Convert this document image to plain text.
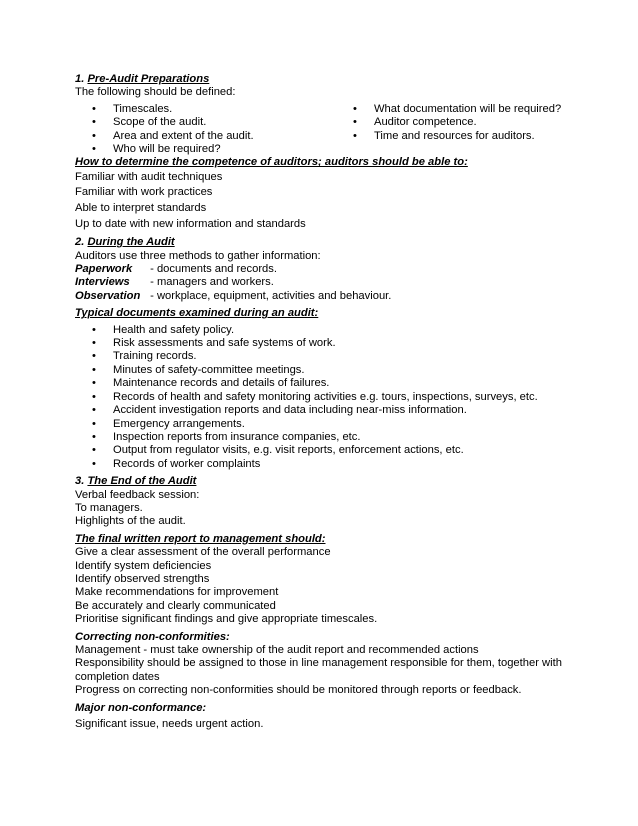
1. Pre-Audit Preparations
The following should be defined:
• Timescales.
• Scope of the audit.
• Area and extent of the audit.
• Who will be required?
• What documentation will be required?
• Auditor competence.
• Time and resources for auditors.
How to determine the competence of auditors; auditors should be able to:
Familiar with audit techniques
Familiar with work practices
Able to interpret standards
Up to date with new information and standards
2. During the Audit
Auditors use three methods to gather information:
Paperwork - documents and records.
Interviews - managers and workers.
Observation - workplace, equipment, activities and behaviour.
Typical documents examined during an audit:
• Health and safety policy.
• Risk assessments and safe systems of work.
• Training records.
• Minutes of safety-committee meetings.
• Maintenance records and details of failures.
• Records of health and safety monitoring activities e.g. tours, inspections, surveys, etc.
• Accident investigation reports and data including near-miss information.
• Emergency arrangements.
• Inspection reports from insurance companies, etc.
• Output from regulator visits, e.g. visit reports, enforcement actions, etc.
• Records of worker complaints
3. The End of the Audit
Verbal feedback session:
To managers.
Highlights of the audit.
The final written report to management should:
Give a clear assessment of the overall performance
Identify system deficiencies
Identify observed strengths
Make recommendations for improvement
Be accurately and clearly communicated
Prioritise significant findings and give appropriate timescales.
Correcting non-conformities:
Management - must take ownership of the audit report and recommended actions
Responsibility should be assigned to those in line management responsible for them, together with completion dates
Progress on correcting non-conformities should be monitored through reports or feedback.
Major non-conformance:
Significant issue, needs urgent action.
